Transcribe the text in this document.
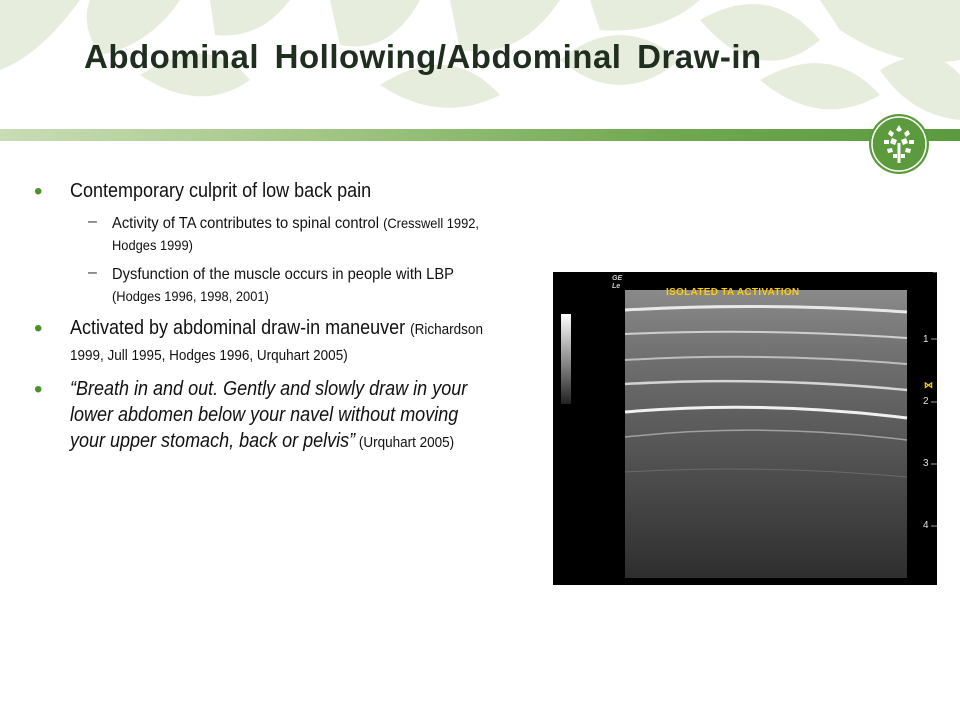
Abdominal Hollowing/Abdominal Draw-in
• Contemporary culprit of low back pain
– Activity of TA contributes to spinal control (Cresswell 1992, Hodges 1999)
– Dysfunction of the muscle occurs in people with LBP (Hodges 1996, 1998, 2001)
• Activated by abdominal draw-in maneuver (Richardson 1999, Jull 1995, Hodges 1996, Urquhart 2005)
• “Breath in and out. Gently and slowly draw in your lower abdomen below your navel without moving your upper stomach, back or pelvis” (Urquhart 2005)
GE
Le
ISOLATED TA ACTIVATION
1
2
3
4
⋈
